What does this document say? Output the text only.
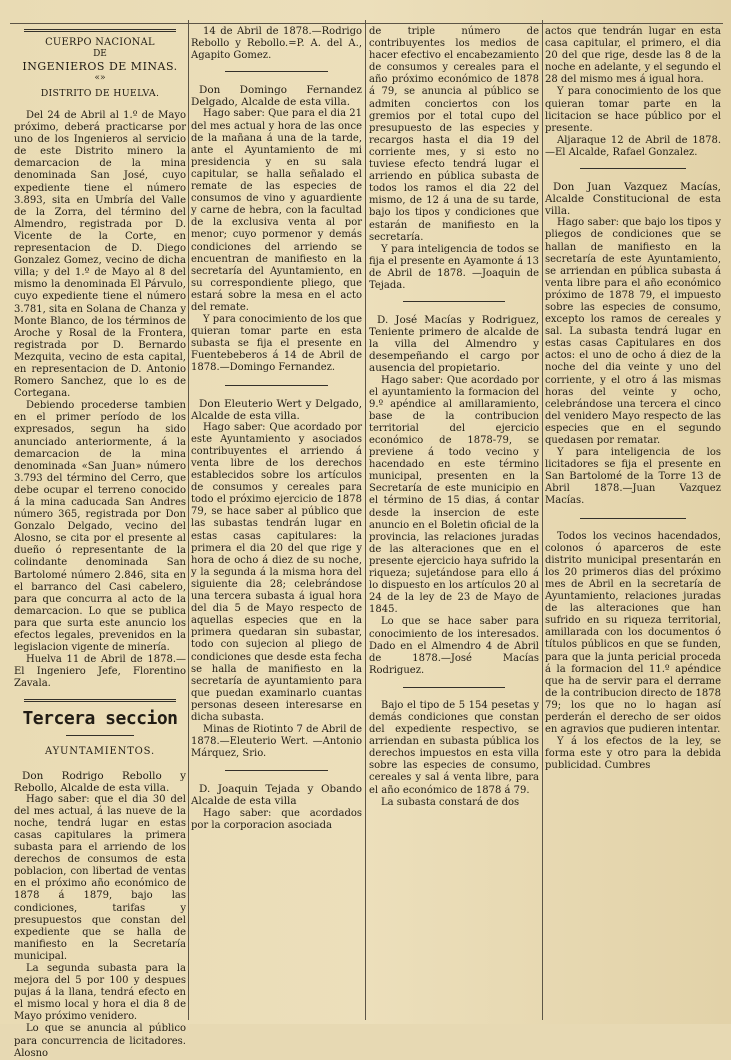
CUERPO NACIONAL

DE

INGENIEROS DE MINAS.

«»

DISTRITO DE HUELVA.

Del 24 de Abril al 1.º de Mayo próximo, deberá practicarse por uno de los Ingenieros al servicio de este Distrito minero la demarcacion de la mina denominada San José, cuyo expediente tiene el número 3.893, sita en Umbría del Valle de la Zorra, del término del Almendro, registrada por D. Vicente de la Corte, en representacion de D. Diego Gonzalez Gomez, vecino de dicha villa; y del 1.º de Mayo al 8 del mismo la denominada El Párvulo, cuyo expediente tiene el número 3.781, sita en Solana de Chanza y Monte Blanco, de los términos de Aroche y Rosal de la Frontera, registrada por D. Bernardo Mezquita, vecino de esta capital, en representacion de D. Antonio Romero Sanchez, que lo es de Cortegana.

Debiendo procederse tambien en el primer período de los expresados, segun ha sido anunciado anteriormente, á la demarcacion de la mina denominada «San Juan» número 3.793 del término del Cerro, que debe ocupar el terreno conocido á la mina caducada San Andres número 365, registrada por Don Gonzalo Delgado, vecino del Alosno, se cita por el presente al dueño ó representante de la colindante denominada San Bartolomé número 2.846, sita en el barranco del Casi cabelero, para que concurra al acto de la demarcacion. Lo que se publica para que surta este anuncio los efectos legales, prevenidos en la legislacion vigente de minería.

Huelva 11 de Abril de 1878.— El Ingeniero Jefe, Florentino Zavala.

Tercera seccion

AYUNTAMIENTOS.

Don Rodrigo Rebollo y Rebollo, Alcalde de esta villa.

Hago saber: que el dia 30 del del mes actual, á las nueve de la noche, tendrá lugar en estas casas capitulares la primera subasta para el arriendo de los derechos de consumos de esta poblacion, con libertad de ventas en el próximo año económico de 1878 á 1879, bajo las condiciones, tarifas y presupuestos que constan del expediente que se halla de manifiesto en la Secretaría municipal.

La segunda subasta para la mejora del 5 por 100 y despues pujas á la llana, tendrá efecto en el mismo local y hora el dia 8 de Mayo próximo venidero.

Lo que se anuncia al público para concurrencia de licitadores. Alosno

14 de Abril de 1878.—Rodrigo Rebollo y Rebollo.=P. A. del A., Agapito Gomez.

Don Domingo Fernandez Delgado, Alcalde de esta villa.

Hago saber: Que para el dia 21 del mes actual y hora de las once de la mañana á una de la tarde, ante el Ayuntamiento de mi presidencia y en su sala capitular, se halla señalado el remate de las especies de consumos de vino y aguardiente y carne de hebra, con la facultad de la exclusiva venta al por menor; cuyo pormenor y demás condiciones del arriendo se encuentran de manifiesto en la secretaría del Ayuntamiento, en su correspondiente pliego, que estará sobre la mesa en el acto del remate.

Y para conocimiento de los que quieran tomar parte en esta subasta se fija el presente en Fuentebeberos á 14 de Abril de 1878.—Domingo Fernandez.

Don Eleuterio Wert y Delgado, Alcalde de esta villa.

Hago saber: Que acordado por este Ayuntamiento y asociados contribuyentes el arriendo á venta libre de los derechos establecidos sobre los artículos de consumos y cereales para todo el próximo ejercicio de 1878 79, se hace saber al público que las subastas tendrán lugar en estas casas capitulares: la primera el dia 20 del que rige y hora de ocho á diez de su noche, y la segunda á la misma hora del siguiente dia 28; celebrándose una tercera subasta á igual hora del dia 5 de Mayo respecto de aquellas especies que en la primera quedaran sin subastar, todo con sujecion al pliego de condiciones que desde esta fecha se halla de manifiesto en la secretaría de ayuntamiento para que puedan examinarlo cuantas personas deseen interesarse en dicha subasta.

Minas de Riotinto 7 de Abril de 1878.—Eleuterio Wert. —Antonio Márquez, Srio.

D. Joaquin Tejada y Obando Alcalde de esta villa

Hago saber: que acordados por la corporacion asociada

de triple número de contribuyentes los medios de hacer efectivo el encabezamiento de consumos y cereales para el año próximo económico de 1878 á 79, se anuncia al público se admiten conciertos con los gremios por el total cupo del presupuesto de las especies y recargos hasta el dia 19 del corriente mes, y si esto no tuviese efecto tendrá lugar el arriendo en pública subasta de todos los ramos el dia 22 del mismo, de 12 á una de su tarde, bajo los tipos y condiciones que estarán de manifiesto en la secretaría.

Y para inteligencia de todos se fija el presente en Ayamonte á 13 de Abril de 1878. —Joaquin de Tejada.

D. José Macías y Rodriguez, Teniente primero de alcalde de la villa del Almendro y desempeñando el cargo por ausencia del propietario.

Hago saber: Que acordado por el ayuntamiento la formacion del 9.º apéndice al amillaramiento, base de la contribucion territorial del ejercicio económico de 1878-79, se previene á todo vecino y hacendado en este término municipal, presenten en la Secretaría de este municipio en el término de 15 dias, á contar desde la insercion de este anuncio en el Boletin oficial de la provincia, las relaciones juradas de las alteraciones que en el presente ejercicio haya sufrido la riqueza; sujetándose para ello á lo dispuesto en los artículos 20 al 24 de la ley de 23 de Mayo de 1845.

Lo que se hace saber para conocimiento de los interesados. Dado en el Almendro 4 de Abril de 1878.—José Macías Rodriguez.

Bajo el tipo de 5 154 pesetas y demás condiciones que constan del expediente respectivo, se arriendan en subasta pública los derechos impuestos en esta villa sobre las especies de consumo, cereales y sal á venta libre, para el año económico de 1878 á 79.

La subasta constará de dos

actos que tendrán lugar en esta casa capitular, el primero, el dia 20 del que rige, desde las 8 de la noche en adelante, y el segundo el 28 del mismo mes á igual hora.

Y para conocimiento de los que quieran tomar parte en la licitacion se hace público por el presente.

Aljaraque 12 de Abril de 1878.—El Alcalde, Rafael Gonzalez.

Don Juan Vazquez Macías, Alcalde Constitucional de esta villa.

Hago saber: que bajo los tipos y pliegos de condiciones que se hallan de manifiesto en la secretaría de este Ayuntamiento, se arriendan en pública subasta á venta libre para el año económico próximo de 1878 79, el impuesto sobre las especies de consumo, excepto los ramos de cereales y sal. La subasta tendrá lugar en estas casas Capitulares en dos actos: el uno de ocho á diez de la noche del dia veinte y uno del corriente, y el otro á las mismas horas del veinte y ocho, celebrándose una tercera el cinco del venidero Mayo respecto de las especies que en el segundo quedasen por rematar.

Y para inteligencia de los licitadores se fija el presente en San Bartolomé de la Torre 13 de Abril 1878.—Juan Vazquez Macías.

Todos los vecinos hacendados, colonos ó aparceros de este distrito municipal presentarán en los 20 primeros dias del próximo mes de Abril en la secretaría de Ayuntamiento, relaciones juradas de las alteraciones que han sufrido en su riqueza territorial, amillarada con los documentos ó títulos públicos en que se funden, para que la junta pericial proceda á la formacion del 11.º apéndice que ha de servir para el derrame de la contribucion directo de 1878 79; los que no lo hagan así perderán el derecho de ser oidos en agravios que pudieren intentar.

Y á los efectos de la ley, se forma este y otro para la debida publicidad. Cumbres
